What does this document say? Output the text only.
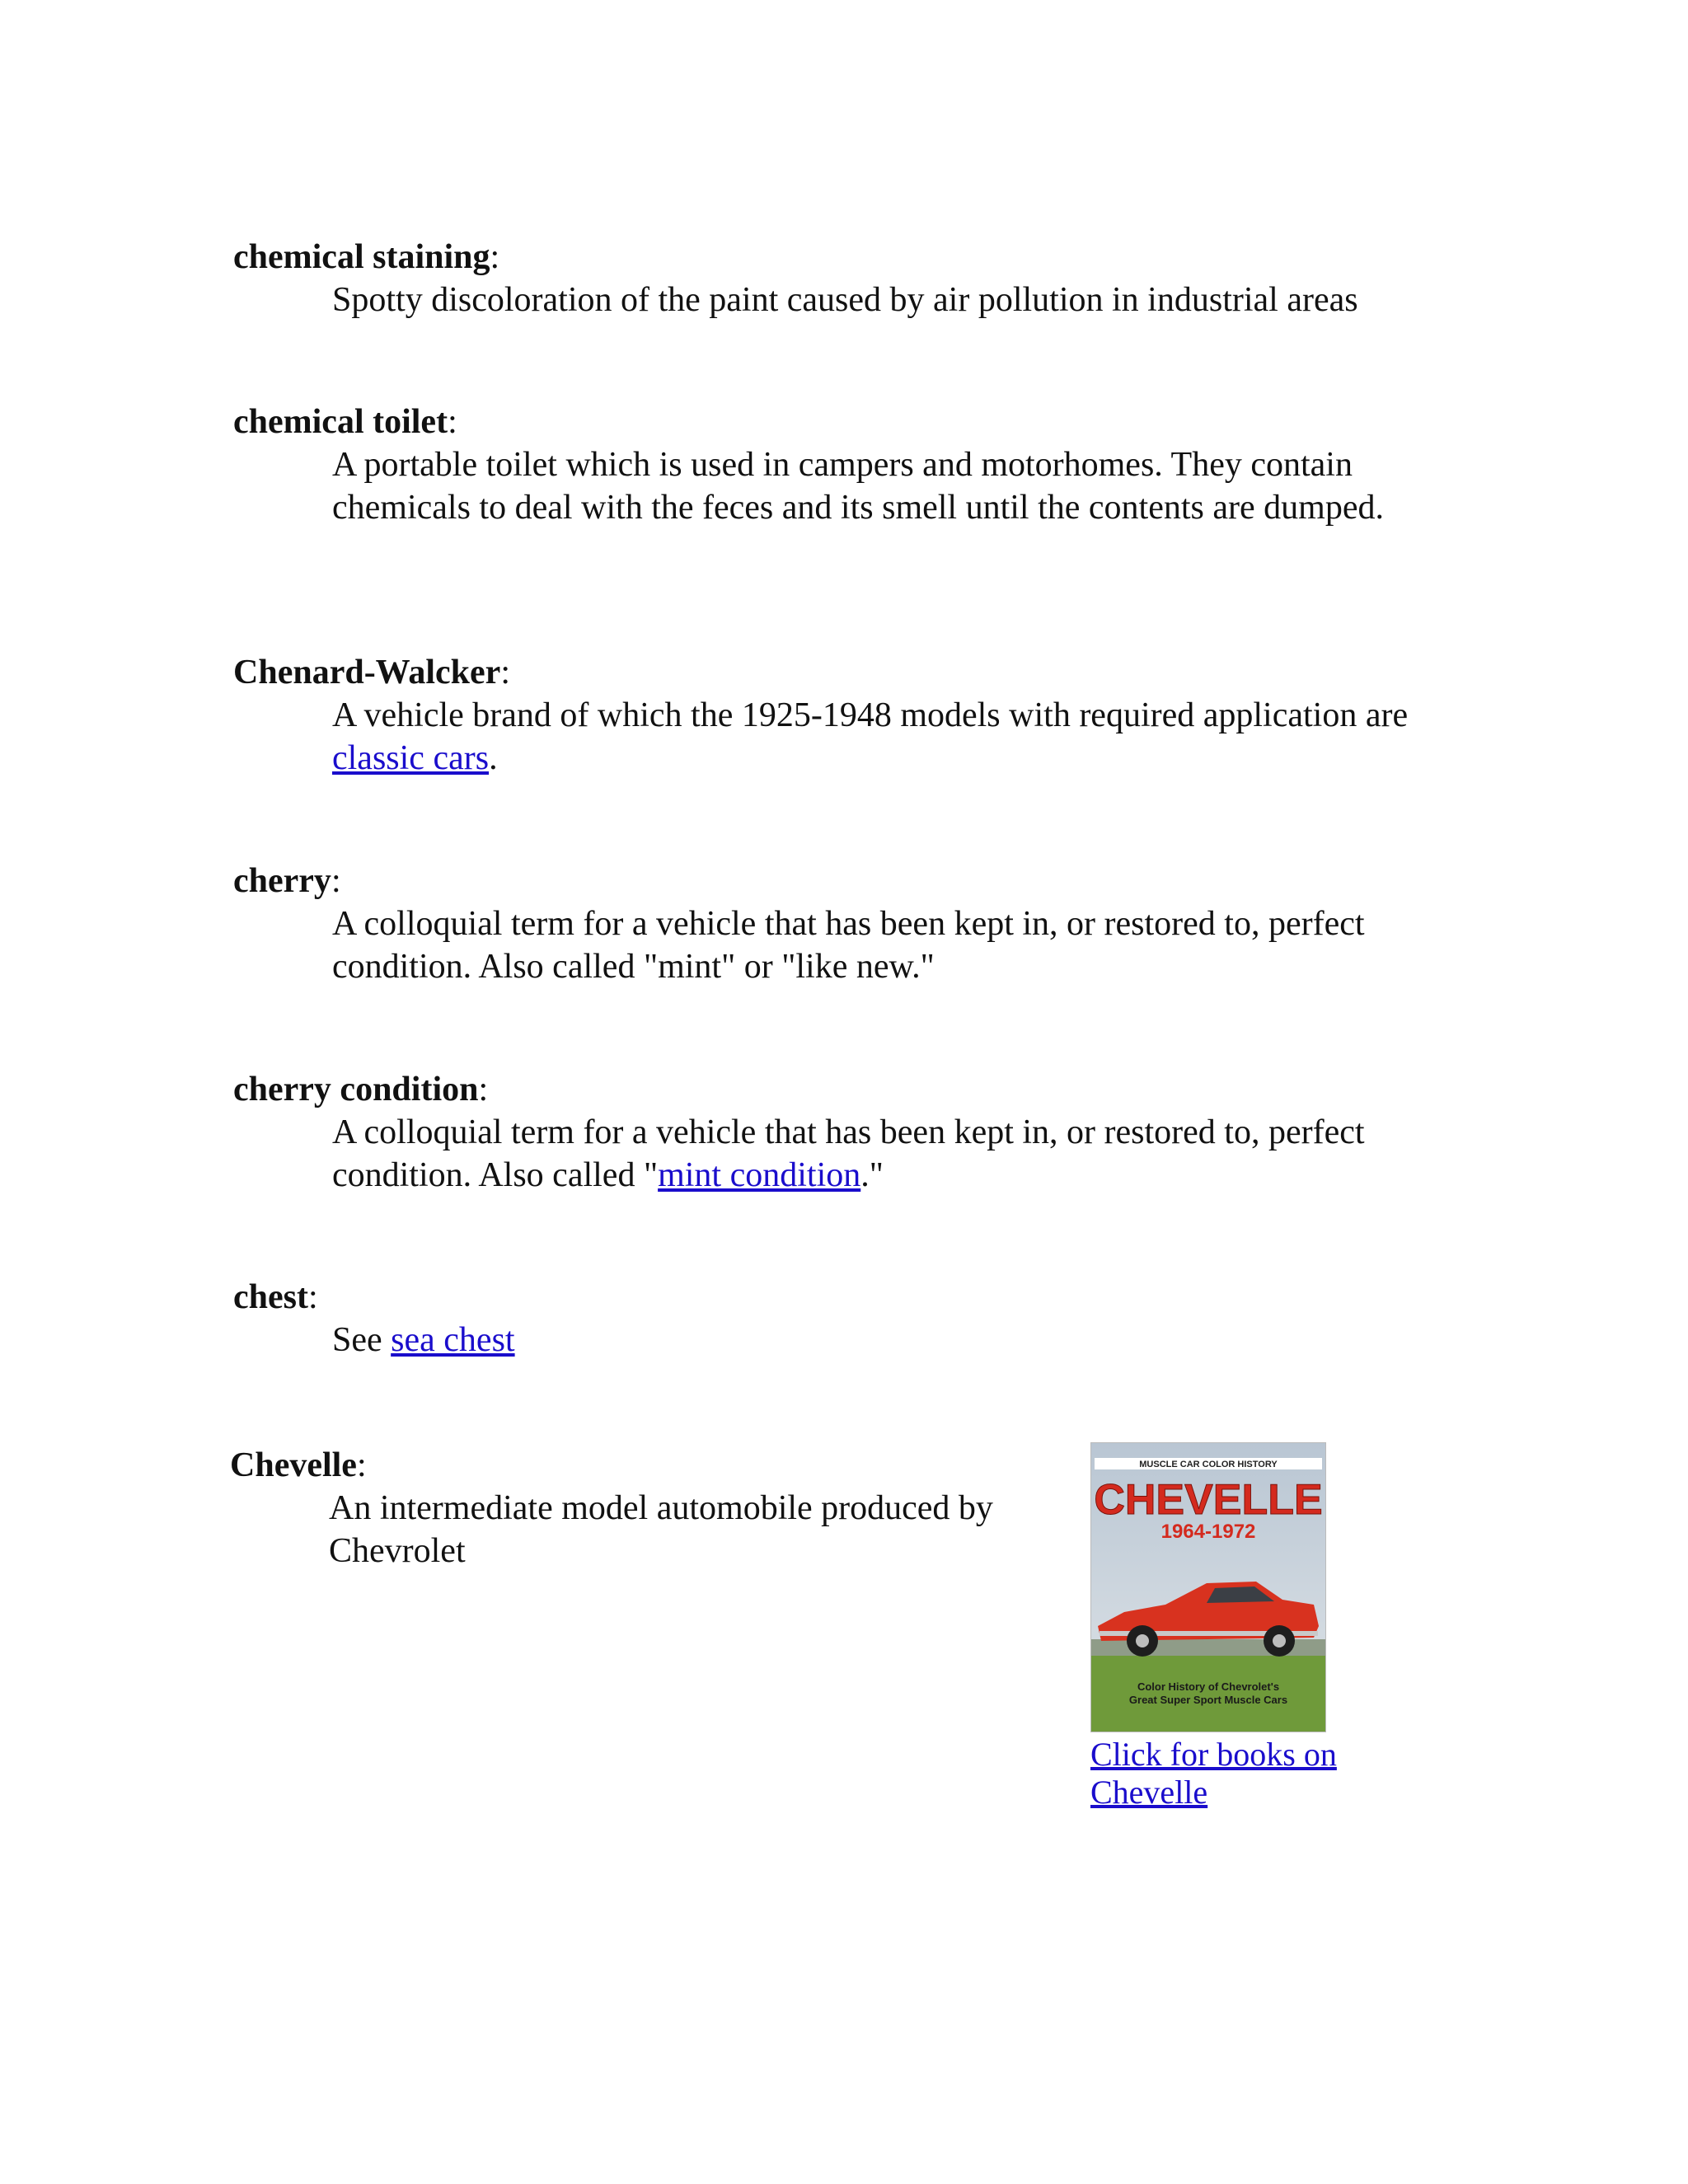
chemical staining:

Spotty discoloration of the paint caused by air pollution in industrial areas

chemical toilet:

A portable toilet which is used in campers and motorhomes. They contain chemicals to deal with the feces and its smell until the contents are dumped.

Chenard-Walcker:

A vehicle brand of which the 1925-1948 models with required application are classic cars.

cherry:

A colloquial term for a vehicle that has been kept in, or restored to, perfect condition. Also called "mint" or "like new."

cherry condition:

A colloquial term for a vehicle that has been kept in, or restored to, perfect condition. Also called "mint condition."

chest:

See sea chest

Chevelle:

An intermediate model automobile produced by Chevrolet

MUSCLE CAR COLOR HISTORY
CHEVELLE
1964-1972
Color History of Chevrolet's
Great Super Sport Muscle Cars
Click for books on
Chevelle
